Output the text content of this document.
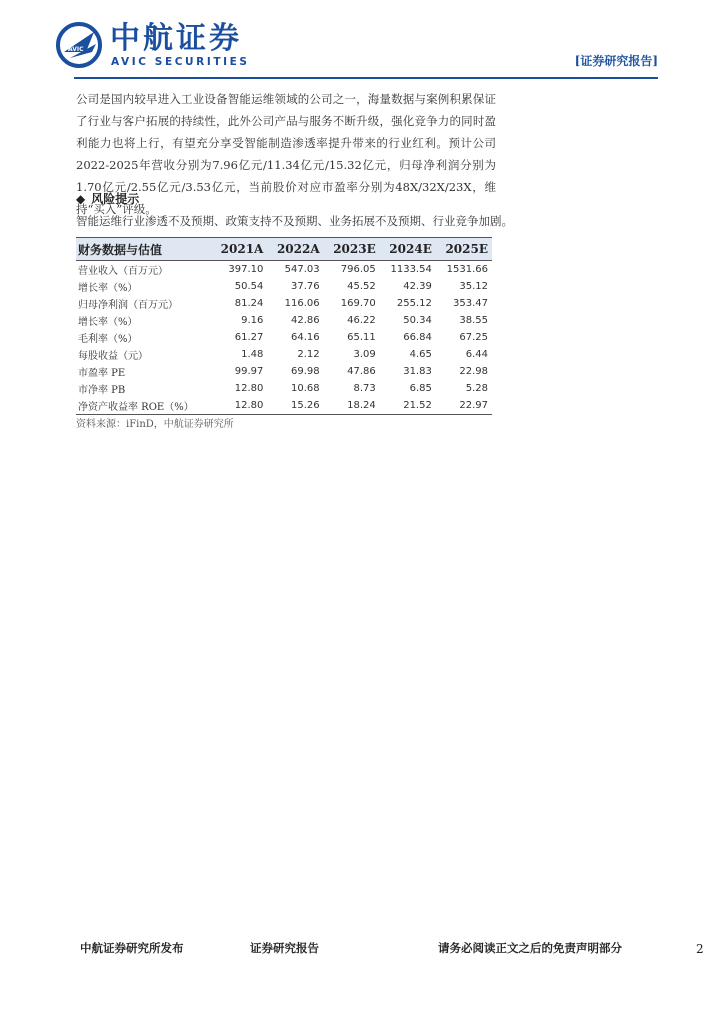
AVIC 中航证券
AVIC SECURITIES	[证券研究报告]
公司是国内较早进入工业设备智能运维领域的公司之一，海量数据与案例积累保证了行业与客户拓展的持续性，此外公司产品与服务不断升级，强化竞争力的同时盈利能力也将上行，有望充分享受智能制造渗透率提升带来的行业红利。预计公司2022-2025年营收分别为7.96亿元/11.34亿元/15.32亿元，归母净利润分别为1.70亿元/2.55亿元/3.53亿元，当前股价对应市盈率分别为48X/32X/23X，维持“买入”评级。
◆ 风险提示
智能运维行业渗透不及预期、政策支持不及预期、业务拓展不及预期、行业竞争加剧。
财务数据与估值	2021A	2022A	2023E	2024E	2025E
营业收入（百万元）	397.10	547.03	796.05	1133.54	1531.66
增长率（%）	50.54	37.76	45.52	42.39	35.12
归母净利润（百万元）	81.24	116.06	169.70	255.12	353.47
增长率（%）	9.16	42.86	46.22	50.34	38.55
毛利率（%）	61.27	64.16	65.11	66.84	67.25
每股收益（元）	1.48	2.12	3.09	4.65	6.44
市盈率 PE	99.97	69.98	47.86	31.83	22.98
市净率 PB	12.80	10.68	8.73	6.85	5.28
净资产收益率 ROE（%）	12.80	15.26	18.24	21.52	22.97
资料来源：iFinD，中航证券研究所
中航证券研究所发布	证券研究报告	请务必阅读正文之后的免责声明部分	2
